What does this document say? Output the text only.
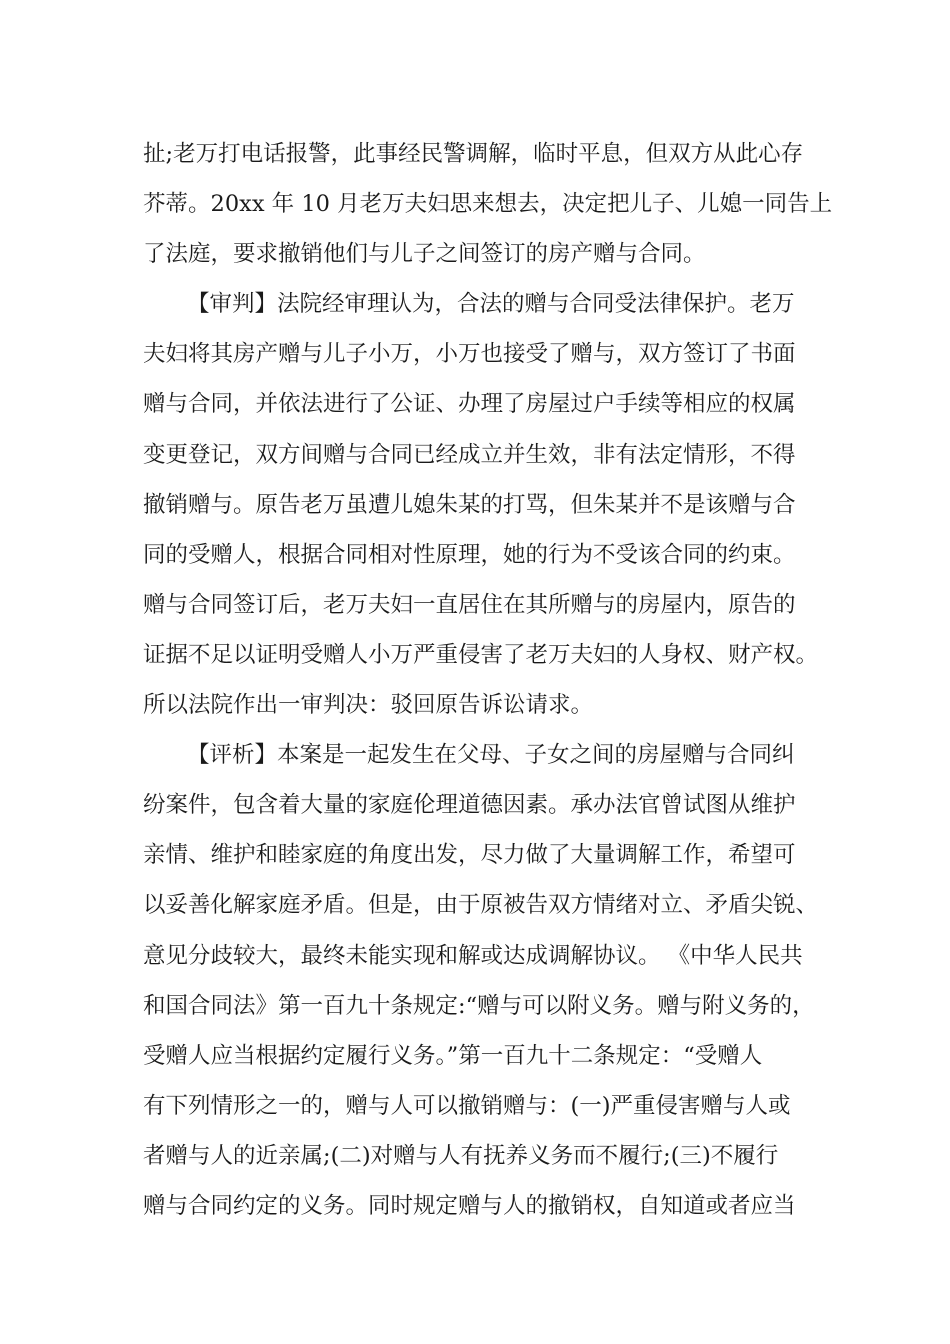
扯;老万打电话报警，此事经民警调解，临时平息，但双方从此心存
芥蒂。20xx 年 10 月老万夫妇思来想去，决定把儿子、儿媳一同告上
了法庭，要求撤销他们与儿子之间签订的房产赠与合同。
【审判】法院经审理认为，合法的赠与合同受法律保护。老万
夫妇将其房产赠与儿子小万，小万也接受了赠与，双方签订了书面
赠与合同，并依法进行了公证、办理了房屋过户手续等相应的权属
变更登记，双方间赠与合同已经成立并生效，非有法定情形，不得
撤销赠与。原告老万虽遭儿媳朱某的打骂，但朱某并不是该赠与合
同的受赠人，根据合同相对性原理，她的行为不受该合同的约束。
赠与合同签订后，老万夫妇一直居住在其所赠与的房屋内，原告的
证据不足以证明受赠人小万严重侵害了老万夫妇的人身权、财产权。
所以法院作出一审判决：驳回原告诉讼请求。
【评析】本案是一起发生在父母、子女之间的房屋赠与合同纠
纷案件，包含着大量的家庭伦理道德因素。承办法官曾试图从维护
亲情、维护和睦家庭的角度出发，尽力做了大量调解工作，希望可
以妥善化解家庭矛盾。但是，由于原被告双方情绪对立、矛盾尖锐、
意见分歧较大，最终未能实现和解或达成调解协议。 《中华人民共
和国合同法》第一百九十条规定:“赠与可以附义务。赠与附义务的，
受赠人应当根据约定履行义务。”第一百九十二条规定：“受赠人
有下列情形之一的，赠与人可以撤销赠与：(一)严重侵害赠与人或
者赠与人的近亲属;(二)对赠与人有抚养义务而不履行;(三)不履行
赠与合同约定的义务。同时规定赠与人的撤销权，自知道或者应当
